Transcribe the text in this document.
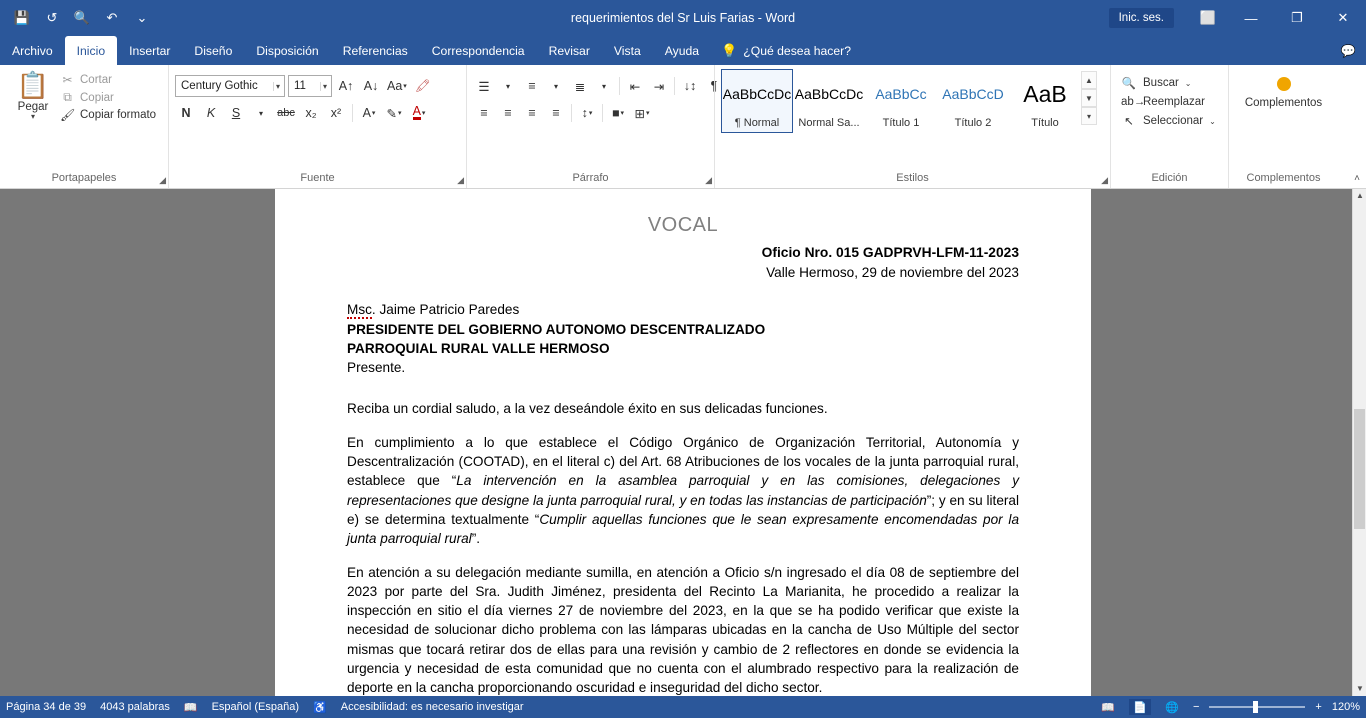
💾	↺	🔍	↶	⌄	requerimientos del Sr Luis Farias - Word	Inic. ses.	⬜	—	❐	✕
Archivo	Inicio	Insertar	Diseño	Disposición	Referencias	Correspondencia	Revisar	Vista	Ayuda	💡 ¿Qué desea hacer?	💬
📋
Pegar
▾
✂ Cortar
⧉ Copiar
🖌 Copiar formato
Portapapeles	◢
Century Gothic	▾ 11	▾ A↑ A↓ Aa ▾ 🖍
N	K	S	▾	abc x₂	x²	A ▾ ✎ ▾ A ▾
Fuente	◢
☰	▾	≡	▾	≣	▾	⇤	⇥	↓↕	¶
≡	≡	≡	≡	↕ ▾ ■ ▾ ⊞ ▾
Párrafo	◢
AaBbCcDc
¶ Normal
AaBbCcDc
Normal Sa...
AaBbCс
Título 1
AaBbCcD
Título 2
AaB
Título
▲
▼
▾
Estilos	◢
🔍 Buscar ⌄
ab→
Reemplazar
↖ Seleccionar ⌄
Edición
Complementos
Complementos	˄
VOCAL
Oficio Nro. 015 GADPRVH-LFM-11-2023
Valle Hermoso, 29 de noviembre del 2023
Msc. Jaime Patricio Paredes
PRESIDENTE DEL GOBIERNO AUTONOMO DESCENTRALIZADO
PARROQUIAL RURAL VALLE HERMOSO
Presente.

Reciba un cordial saludo, a la vez deseándole éxito en sus delicadas funciones.

En cumplimiento a lo que establece el Código Orgánico de Organización Territorial, Autonomía y Descentralización (COOTAD), en el literal c) del Art. 68 Atribuciones de los vocales de la junta parroquial rural, establece que “La intervención en la asamblea parroquial y en las comisiones, delegaciones y representaciones que designe la junta parroquial rural, y en todas las instancias de participación”; y en su literal e) se determina textualmente “Cumplir aquellas funciones que le sean expresamente encomendadas por la junta parroquial rural”.

En atención a su delegación mediante sumilla, en atención a Oficio s/n ingresado el día 08 de septiembre del 2023 por parte del Sra. Judith Jiménez, presidenta del Recinto La Marianita, he procedido a realizar la inspección en sitio el día viernes 27 de noviembre del 2023, en la que se ha podido verificar que existe la necesidad de solucionar dicho problema con las lámparas ubicadas en la cancha de Uso Múltiple del sector mismas que tocará retirar dos de ellas para una revisión y cambio de 2 reflectores en donde se evidencia la urgencia y necesidad de esta comunidad que no cuenta con el alumbrado respectivo para la realización de deporte en la cancha proporcionando oscuridad e inseguridad del dicho sector.

▲
▼
Página 34 de 39 4043 palabras 📖 Español (España) ♿ Accesibilidad: es necesario investigar	📖	📄	🌐	−	+ 120%
